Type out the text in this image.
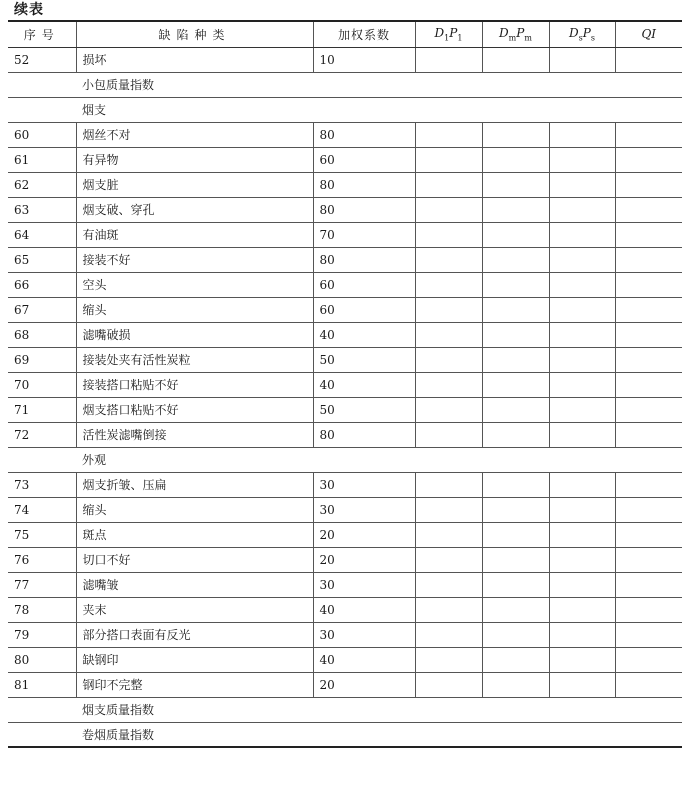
续表
序号	缺陷种类	加权系数	$D_1P_1$	$D_mP_m$	$D_sP_s$	QI
52	损坏	10				
	小包质量指数					
	烟支					
60	烟丝不对	80				
61	有异物	60				
62	烟支脏	80				
63	烟支破、穿孔	80				
64	有油斑	70				
65	接装不好	80				
66	空头	60				
67	缩头	60				
68	滤嘴破损	40				
69	接装处夹有活性炭粒	50				
70	接装搭口粘贴不好	40				
71	烟支搭口粘贴不好	50				
72	活性炭滤嘴倒接	80				
	外观					
73	烟支折皱、压扁	30				
74	缩头	30				
75	斑点	20				
76	切口不好	20				
77	滤嘴皱	30				
78	夹末	40				
79	部分搭口表面有反光	30				
80	缺钢印	40				
81	钢印不完整	20				
	烟支质量指数					
	卷烟质量指数					
